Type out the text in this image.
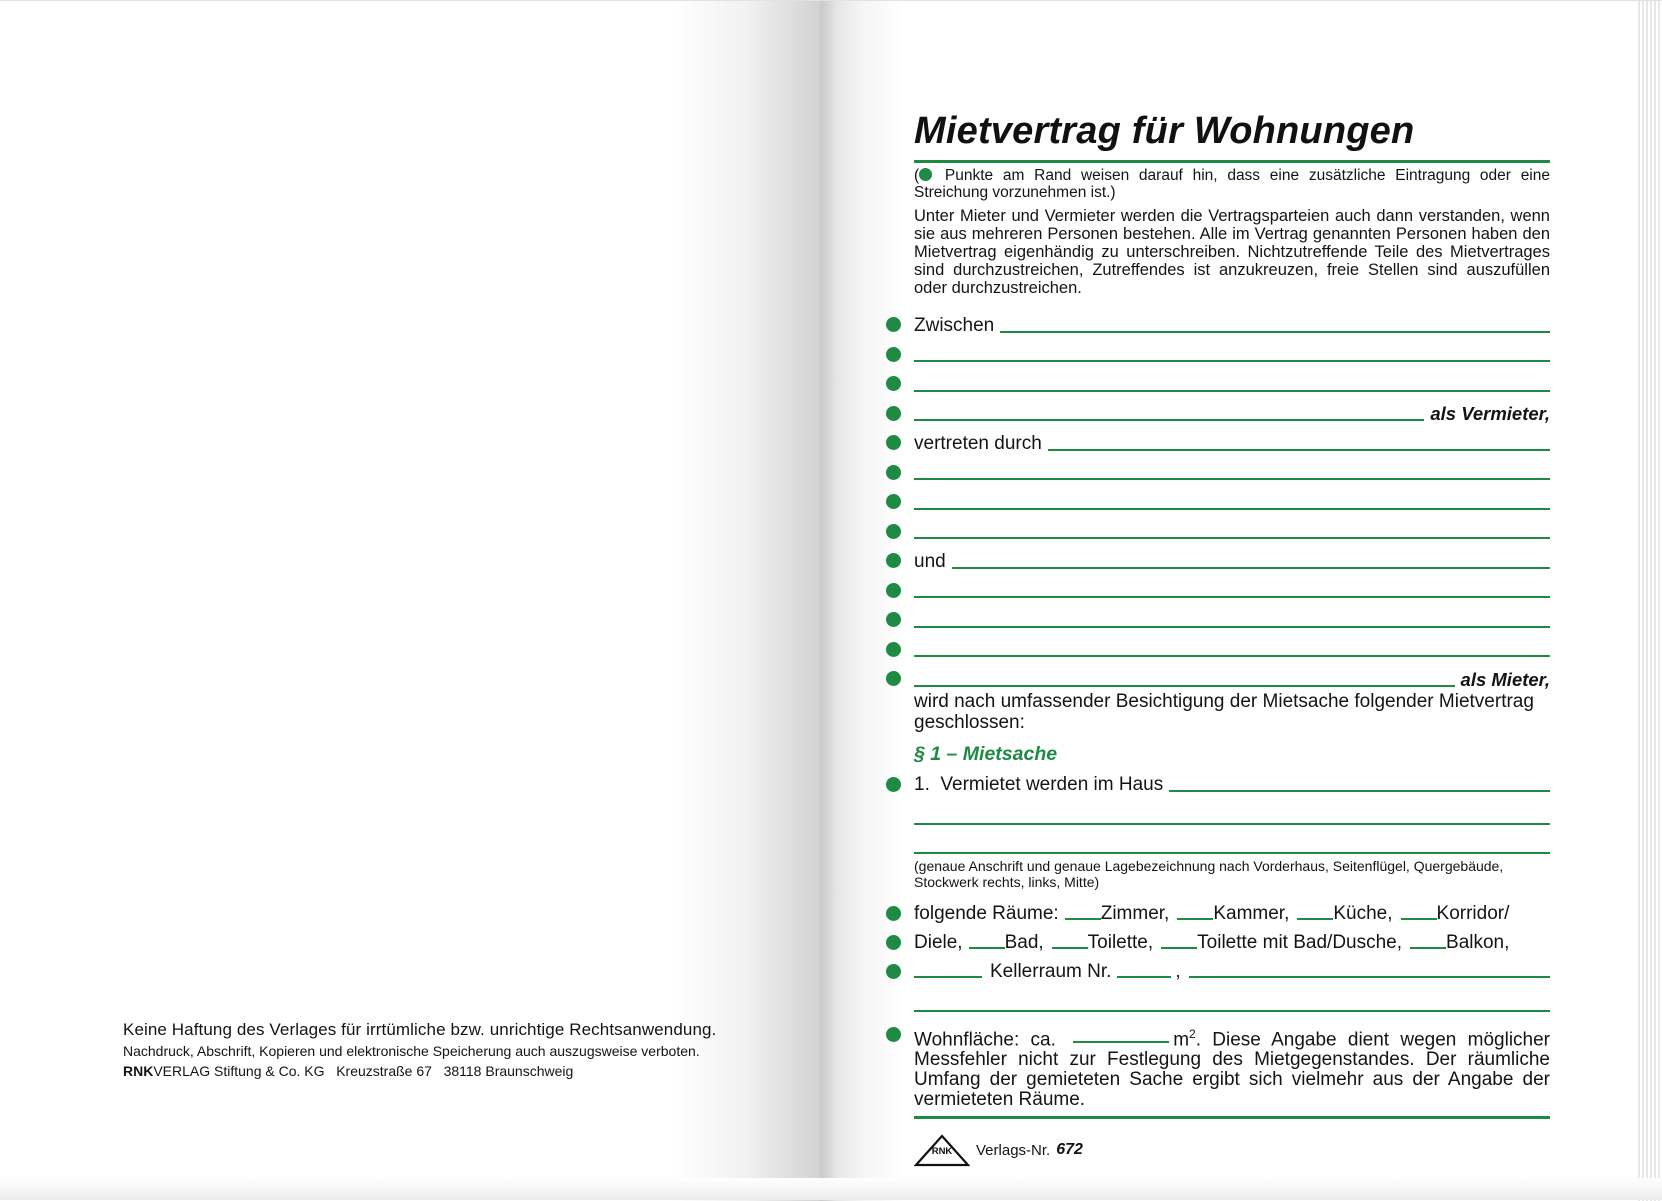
Keine Haftung des Verlages für irrtümliche bzw. unrichtige Rechtsanwendung.
Nachdruck, Abschrift, Kopieren und elektronische Speicherung auch auszugsweise verboten.
RNKVERLAG Stiftung & Co. KG   Kreuzstraße 67   38118 Braunschweig
Mietvertrag für Wohnungen
( Punkte am Rand weisen darauf hin, dass eine zusätzliche Eintragung oder eine Streichung vorzunehmen ist.)
Unter Mieter und Vermieter werden die Vertragsparteien auch dann verstanden, wenn sie aus mehreren Personen bestehen. Alle im Vertrag genannten Personen haben den Mietvertrag eigenhändig zu unterschreiben. Nichtzutreffende Teile des Mietvertrages sind durchzustreichen, Zutreffendes ist anzukreuzen, freie Stellen sind auszufüllen oder durchzustreichen.
Zwischen
als Vermieter,
vertreten durch
und
als Mieter,
wird nach umfassender Besichtigung der Mietsache folgender Mietvertrag geschlossen:
§ 1 – Mietsache
1.  Vermietet werden im Haus
(genaue Anschrift und genaue Lagebezeichnung nach Vorderhaus, Seitenflügel, Quergebäude, Stockwerk rechts, links, Mitte)
folgende Räume: Zimmer, Kammer, Küche, Korridor/
Diele, Bad, Toilette, Toilette mit Bad/Dusche, Balkon,
Kellerraum Nr.	,
Wohnfläche: ca.	$m^2$. Diese Angabe dient wegen möglicher Messfehler nicht zur Festlegung des Mietgegenstandes. Der räumliche Umfang der gemieteten Sache ergibt sich vielmehr aus der Angabe der vermieteten Räume.
RNK Verlags-Nr. 672
